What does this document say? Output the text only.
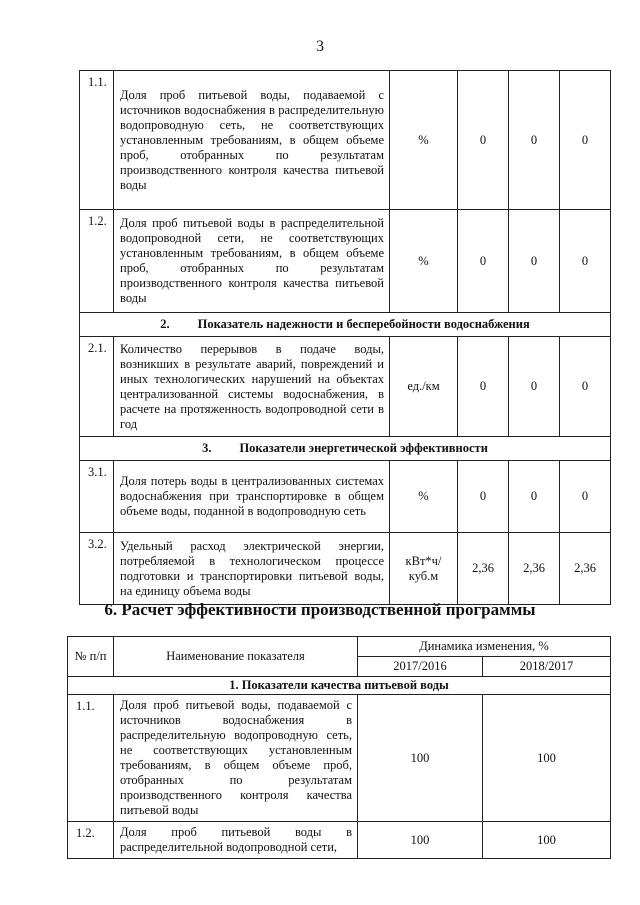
3
1.1.	Доля проб питьевой воды, подаваемой с источников водоснабжения в распределительную водопроводную сеть, не соответствующих установленным требованиям, в общем объеме проб, отобранных по результатам производственного контроля качества питьевой воды	%	0	0	0
1.2.	Доля проб питьевой воды в распределительной водопроводной сети, не соответствующих установленным требованиям, в общем объеме проб, отобранных по результатам производственного контроля качества питьевой воды	%	0	0	0
2. Показатель надежности и бесперебойности водоснабжения					
2.1.	Количество перерывов в подаче воды, возникших в результате аварий, повреждений и иных технологических нарушений на объектах централизованной системы водоснабжения, в расчете на протяженность водопроводной сети в год	ед./км	0	0	0
3. Показатели энергетической эффективности					
3.1.	Доля потерь воды в централизованных системах водоснабжения при транспортировке в общем объеме воды, поданной в водопроводную сеть	%	0	0	0
3.2.	Удельный расход электрической энергии, потребляемой в технологическом процессе подготовки и транспортировки питьевой воды, на единицу объема воды	кВт*ч/ куб.м	2,36	2,36	2,36
6. Расчет эффективности производственной программы
№ п/п	Наименование показателя	Динамика изменения, %	
		2017/2016	2018/2017
1. Показатели качества питьевой воды			
1.1.	Доля проб питьевой воды, подаваемой с источников водоснабжения в распределительную водопроводную сеть, не соответствующих установленным требованиям, в общем объеме проб, отобранных по результатам производственного контроля качества питьевой воды	100	100
1.2.	Доля проб питьевой воды в распределительной водопроводной сети,	100	100
